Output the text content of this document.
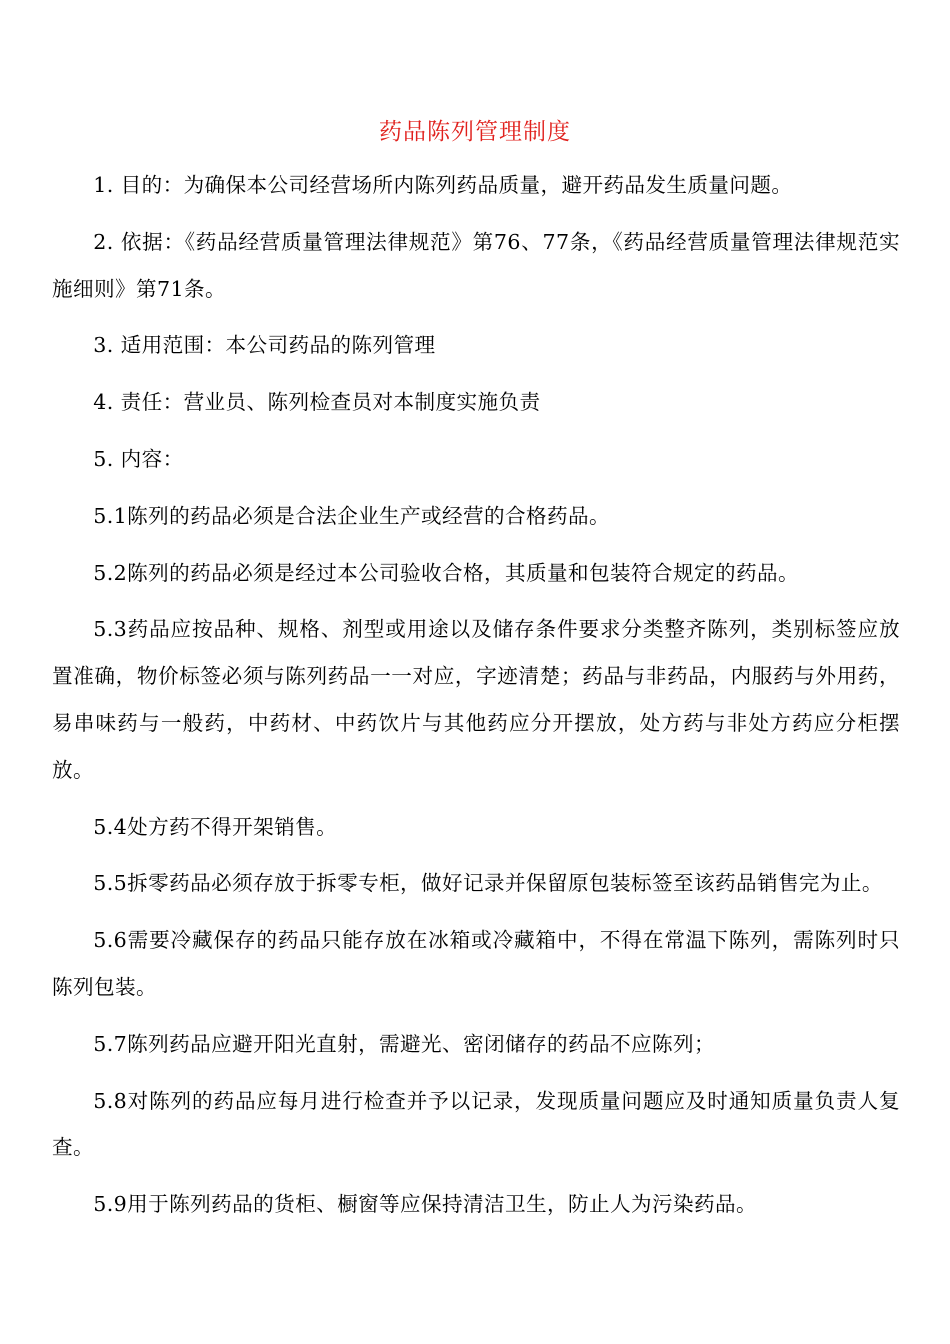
药品陈列管理制度

1. 目的：为确保本公司经营场所内陈列药品质量，避开药品发生质量问题。

2. 依据：《药品经营质量管理法律规范》第76、77条，《药品经营质量管理法律规范实施细则》第71条。

3. 适用范围：本公司药品的陈列管理

4. 责任：营业员、陈列检查员对本制度实施负责

5. 内容：

5.1陈列的药品必须是合法企业生产或经营的合格药品。

5.2陈列的药品必须是经过本公司验收合格，其质量和包装符合规定的药品。

5.3药品应按品种、规格、剂型或用途以及储存条件要求分类整齐陈列，类别标签应放置准确，物价标签必须与陈列药品一一对应，字迹清楚；药品与非药品，内服药与外用药，易串味药与一般药，中药材、中药饮片与其他药应分开摆放，处方药与非处方药应分柜摆放。

5.4处方药不得开架销售。

5.5拆零药品必须存放于拆零专柜，做好记录并保留原包装标签至该药品销售完为止。

5.6需要冷藏保存的药品只能存放在冰箱或冷藏箱中，不得在常温下陈列，需陈列时只陈列包装。

5.7陈列药品应避开阳光直射，需避光、密闭储存的药品不应陈列；

5.8对陈列的药品应每月进行检查并予以记录，发现质量问题应及时通知质量负责人复查。

5.9用于陈列药品的货柜、橱窗等应保持清洁卫生，防止人为污染药品。
